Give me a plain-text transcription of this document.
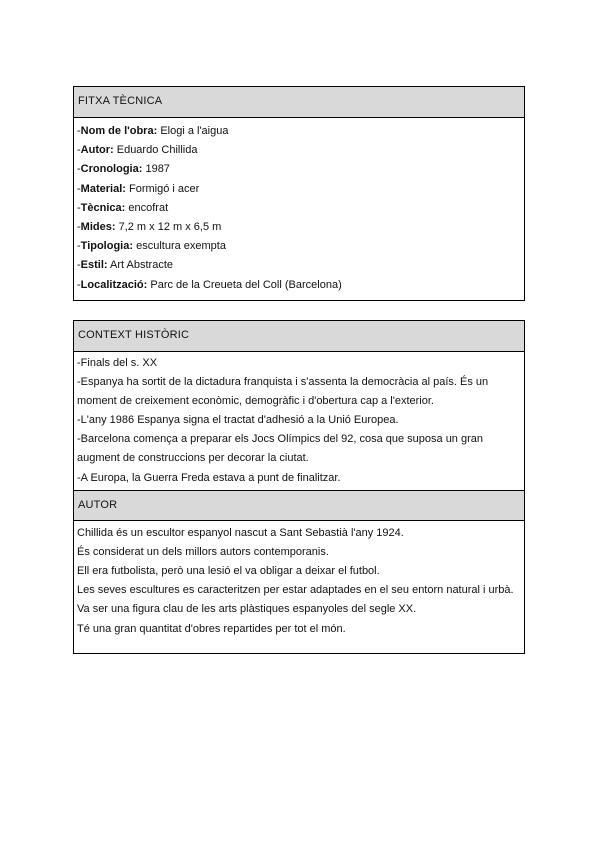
FITXA TÈCNICA
-Nom de l'obra: Elogi a l'aigua
-Autor: Eduardo Chillida
-Cronologia: 1987
-Material: Formigó i acer
-Tècnica: encofrat
-Mides: 7,2 m x 12 m x 6,5 m
-Tipologia: escultura exempta
-Estil: Art Abstracte
-Localització: Parc de la Creueta del Coll (Barcelona)
CONTEXT HISTÒRIC
-Finals del s. XX
-Espanya ha sortit de la dictadura franquista i s'assenta la democràcia al país. És un
moment de creixement econòmic, demogràfic i d'obertura cap a l'exterior.
-L'any 1986 Espanya signa el tractat d'adhesió a la Unió Europea.
-Barcelona comença a preparar els Jocs Olímpics del 92, cosa que suposa un gran
augment de construccions per decorar la ciutat.
-A Europa, la Guerra Freda estava a punt de finalitzar.
AUTOR
Chillida és un escultor espanyol nascut a Sant Sebastià l'any 1924.
És considerat un dels millors autors contemporanis.
Ell era futbolista, però una lesió el va obligar a deixar el futbol.
Les seves escultures es caracteritzen per estar adaptades en el seu entorn natural i urbà.
Va ser una figura clau de les arts plàstiques espanyoles del segle XX.
Té una gran quantitat d'obres repartides per tot el món.
